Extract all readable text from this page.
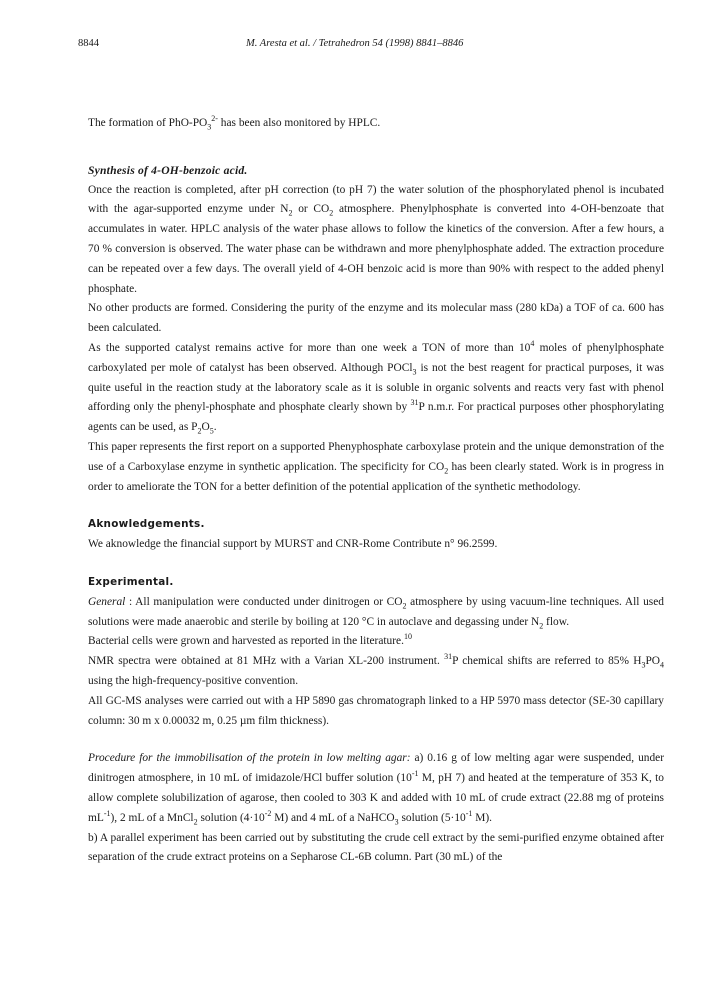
8844	M. Aresta et al. / Tetrahedron 54 (1998) 8841–8846

The formation of PhO-$PO_3^{2-}$ has been also monitored by HPLC.

Synthesis of 4-OH-benzoic acid.

Once the reaction is completed, after pH correction (to pH 7) the water solution of the phosphorylated phenol is incubated with the agar-supported enzyme under $N_2$ or $CO_2$ atmosphere. Phenylphosphate is converted into 4-OH-benzoate that accumulates in water. HPLC analysis of the water phase allows to follow the kinetics of the conversion. After a few hours, a 70 % conversion is observed. The water phase can be withdrawn and more phenylphosphate added. The extraction procedure can be repeated over a few days. The overall yield of 4-OH benzoic acid is more than 90% with respect to the added phenyl phosphate.

No other products are formed. Considering the purity of the enzyme and its molecular mass (280 kDa) a TOF of ca. 600 has been calculated.

As the supported catalyst remains active for more than one week a TON of more than $10^4$ moles of phenylphosphate carboxylated per mole of catalyst has been observed. Although POCl$_3$ is not the best reagent for practical purposes, it was quite useful in the reaction study at the laboratory scale as it is soluble in organic solvents and reacts very fast with phenol affording only the phenyl-phosphate and phosphate clearly shown by $^{31}$P n.m.r. For practical purposes other phosphorylating agents can be used, as $P_2O_5$.

This paper represents the first report on a supported Phenyphosphate carboxylase protein and the unique demonstration of the use of a Carboxylase enzyme in synthetic application. The specificity for $CO_2$ has been clearly stated. Work is in progress in order to ameliorate the TON for a better definition of the potential application of the synthetic methodology.

Aknowledgements.

We aknowledge the financial support by MURST and CNR-Rome Contribute n° 96.2599.

Experimental.

General : All manipulation were conducted under dinitrogen or $CO_2$ atmosphere by using vacuum-line techniques. All used solutions were made anaerobic and sterile by boiling at 120 °C in autoclave and degassing under $N_2$ flow.

Bacterial cells were grown and harvested as reported in the literature.$^{10}$

NMR spectra were obtained at 81 MHz with a Varian XL-200 instrument. $^{31}$P chemical shifts are referred to 85% $H_3PO_4$ using the high-frequency-positive convention.

All GC-MS analyses were carried out with a HP 5890 gas chromatograph linked to a HP 5970 mass detector (SE-30 capillary column: 30 m x 0.00032 m, 0.25 µm film thickness).

Procedure for the immobilisation of the protein in low melting agar: a) 0.16 g of low melting agar were suspended, under dinitrogen atmosphere, in 10 mL of imidazole/HCl buffer solution ($10^{-1}$ M, pH 7) and heated at the temperature of 353 K, to allow complete solubilization of agarose, then cooled to 303 K and added with 10 mL of crude extract (22.88 mg of proteins $mL^{-1}$), 2 mL of a MnCl$_2$ solution ($4\cdot 10^{-2}$ M) and 4 mL of a NaHCO$_3$ solution ($5\cdot 10^{-1}$ M).

b) A parallel experiment has been carried out by substituting the crude cell extract by the semi-purified enzyme obtained after separation of the crude extract proteins on a Sepharose CL-6B column. Part (30 mL) of the
